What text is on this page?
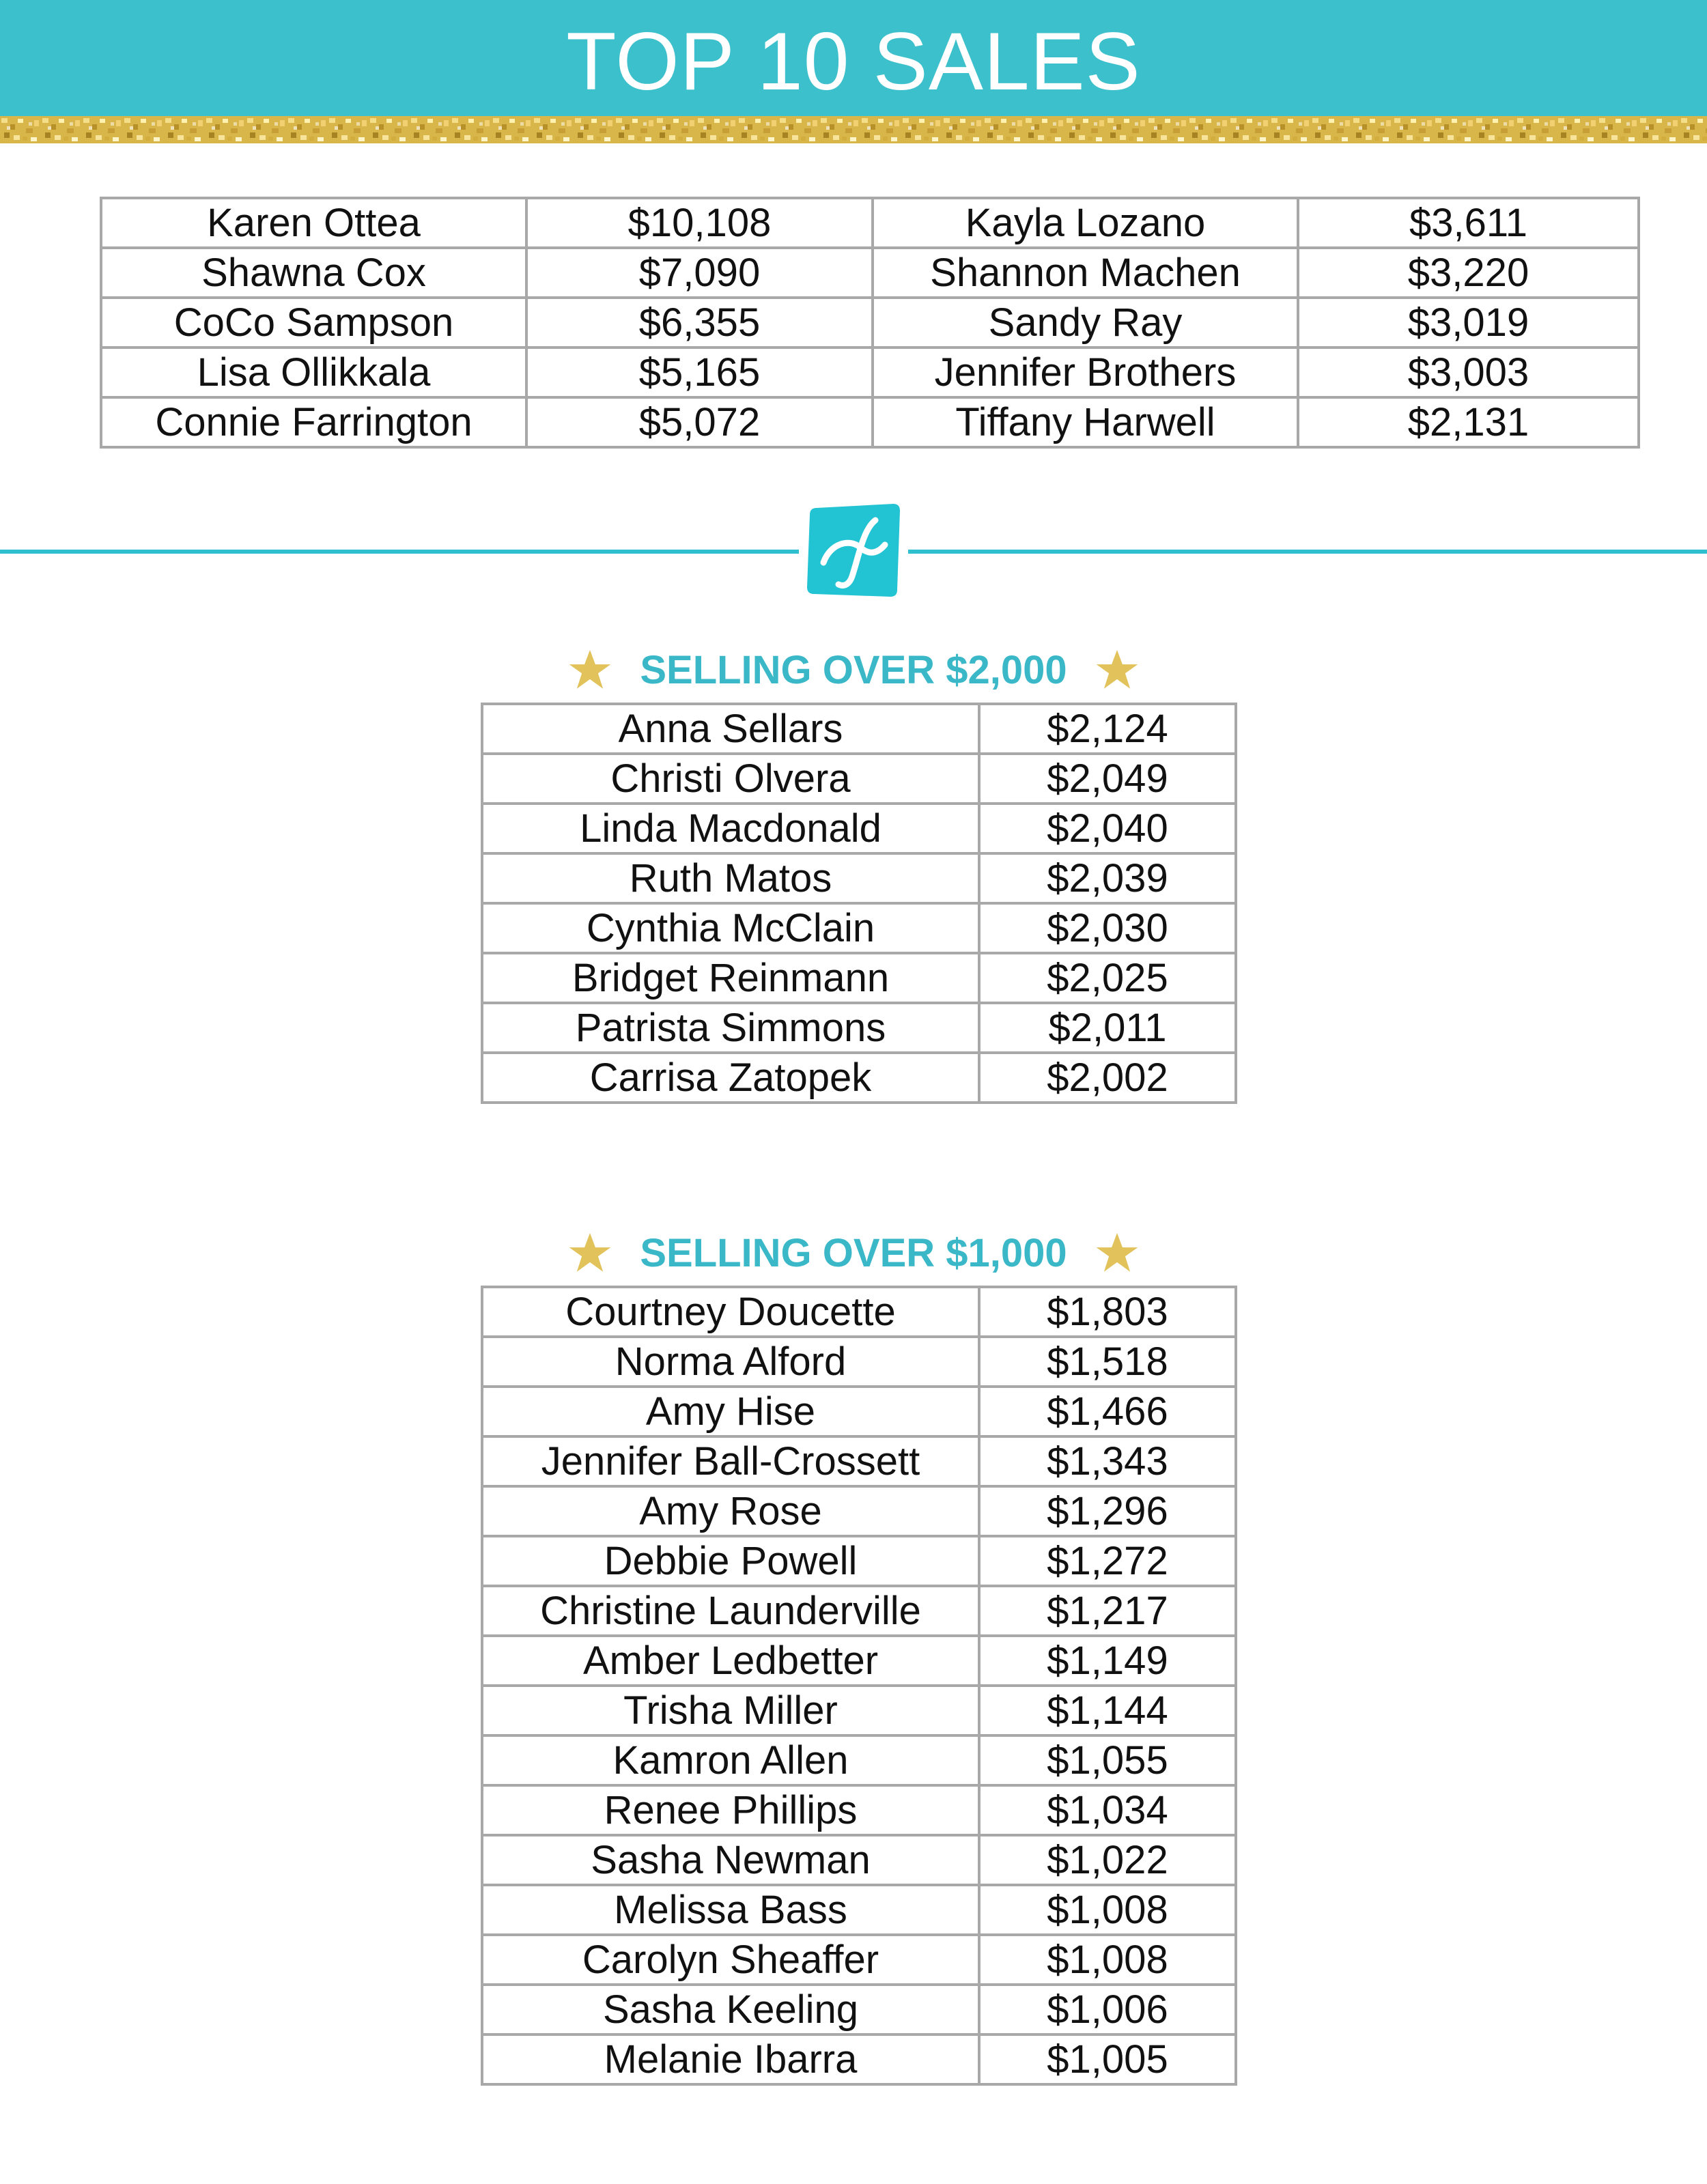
TOP 10 SALES
Karen Ottea	$10,108	Kayla Lozano	$3,611
Shawna Cox	$7,090	Shannon Machen	$3,220
CoCo Sampson	$6,355	Sandy Ray	$3,019
Lisa Ollikkala	$5,165	Jennifer Brothers	$3,003
Connie Farrington	$5,072	Tiffany Harwell	$2,131
SELLING OVER $2,000
Anna Sellars	$2,124
Christi Olvera	$2,049
Linda Macdonald	$2,040
Ruth Matos	$2,039
Cynthia McClain	$2,030
Bridget Reinmann	$2,025
Patrista Simmons	$2,011
Carrisa Zatopek	$2,002
SELLING OVER $1,000
Courtney Doucette	$1,803
Norma Alford	$1,518
Amy Hise	$1,466
Jennifer Ball-Crossett	$1,343
Amy Rose	$1,296
Debbie Powell	$1,272
Christine Launderville	$1,217
Amber Ledbetter	$1,149
Trisha Miller	$1,144
Kamron Allen	$1,055
Renee Phillips	$1,034
Sasha Newman	$1,022
Melissa Bass	$1,008
Carolyn Sheaffer	$1,008
Sasha Keeling	$1,006
Melanie Ibarra	$1,005
